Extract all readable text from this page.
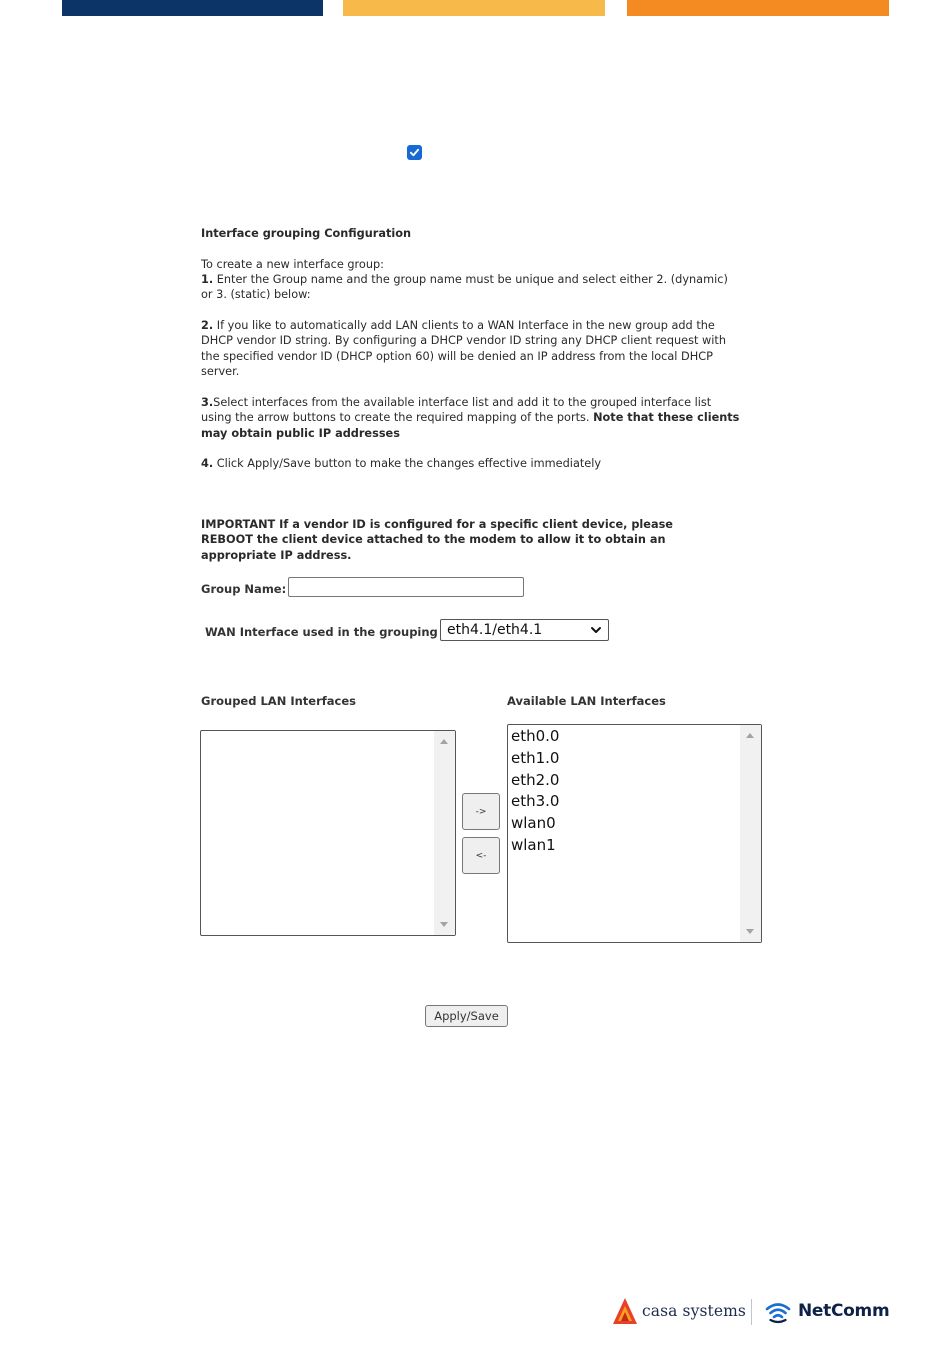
Interface grouping Configuration
To create a new interface group:
1. Enter the Group name and the group name must be unique and select either 2. (dynamic) or 3. (static) below:
2. If you like to automatically add LAN clients to a WAN Interface in the new group add the DHCP vendor ID string. By configuring a DHCP vendor ID string any DHCP client request with the specified vendor ID (DHCP option 60) will be denied an IP address from the local DHCP server.
3.Select interfaces from the available interface list and add it to the grouped interface list using the arrow buttons to create the required mapping of the ports. Note that these clients may obtain public IP addresses
4. Click Apply/Save button to make the changes effective immediately
IMPORTANT If a vendor ID is configured for a specific client device, please REBOOT the client device attached to the modem to allow it to obtain an appropriate IP address.
Group Name:
WAN Interface used in the grouping eth4.1/eth4.1
Grouped LAN Interfaces	Available LAN Interfaces
->
<-
eth0.0
eth1.0
eth2.0
eth3.0
wlan0
wlan1
Apply/Save
casa systems	NetComm
